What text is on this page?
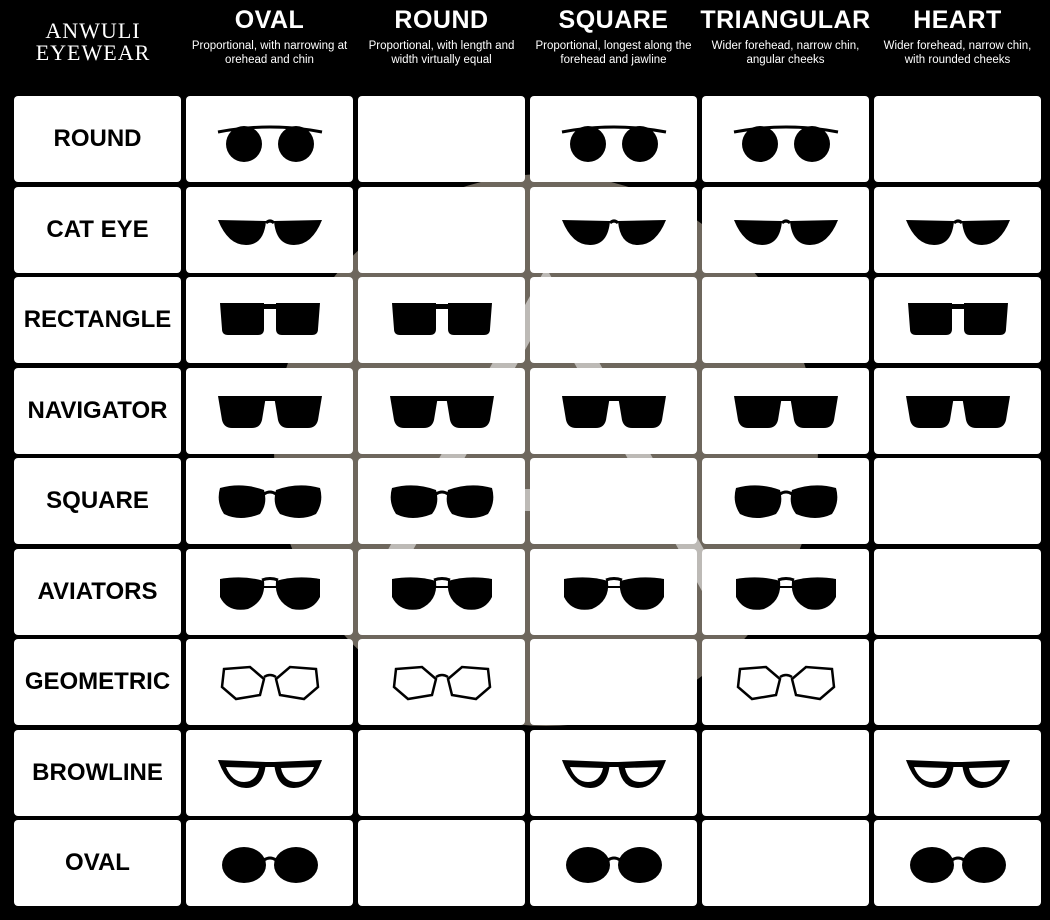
ANWULI
EYEWEAR
OVAL
Proportional, with narrowing at orehead and chin
ROUND
Proportional, with length and width virtually equal
SQUARE
Proportional, longest along the forehead and jawline
TRIANGULAR
Wider forehead, narrow chin, angular cheeks
HEART
Wider forehead, narrow chin, with rounded cheeks
ROUND
CAT EYE
RECTANGLE
NAVIGATOR
SQUARE
AVIATORS
GEOMETRIC
BROWLINE
OVAL
